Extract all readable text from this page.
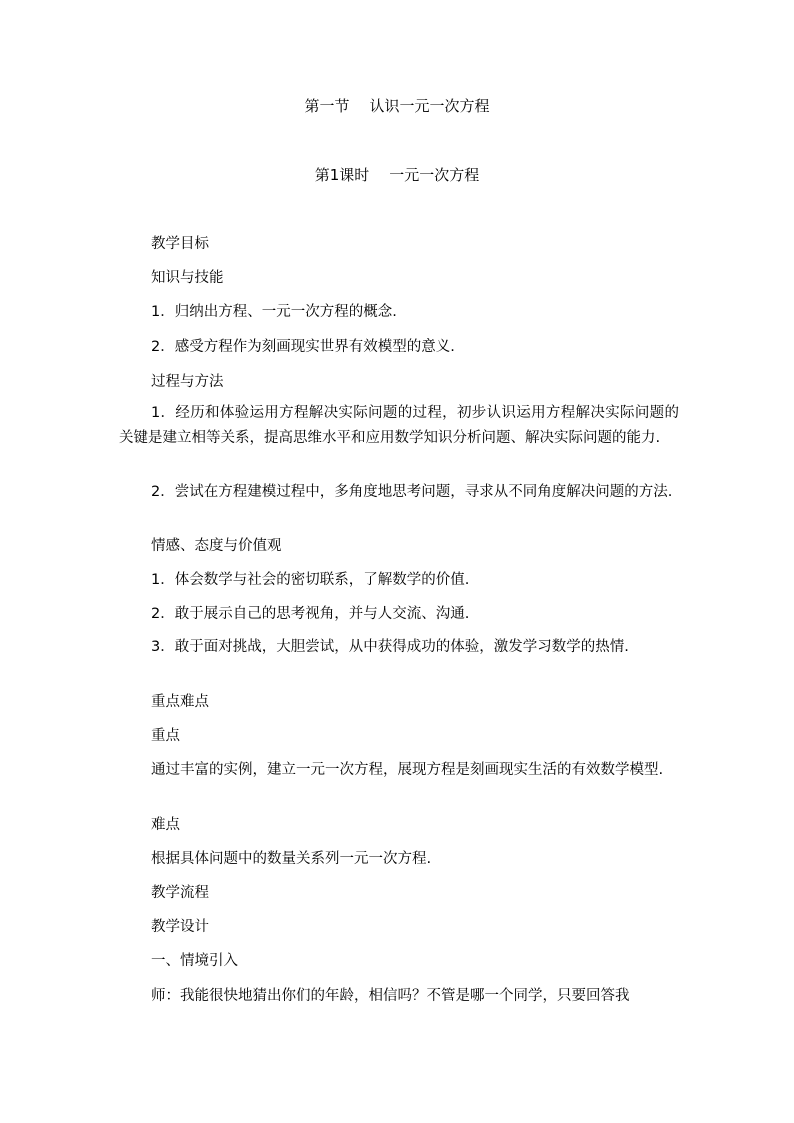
第一节 认识一元一次方程
第1课时 一元一次方程
教学目标
知识与技能
1．归纳出方程、一元一次方程的概念.
2．感受方程作为刻画现实世界有效模型的意义.
过程与方法
1．经历和体验运用方程解决实际问题的过程，初步认识运用方程解决实际问题的关键是建立相等关系，提高思维水平和应用数学知识分析问题、解决实际问题的能力.
2．尝试在方程建模过程中，多角度地思考问题，寻求从不同角度解决问题的方法.
情感、态度与价值观
1．体会数学与社会的密切联系，了解数学的价值.
2．敢于展示自己的思考视角，并与人交流、沟通.
3．敢于面对挑战，大胆尝试，从中获得成功的体验，激发学习数学的热情.
重点难点
重点
通过丰富的实例，建立一元一次方程，展现方程是刻画现实生活的有效数学模型.
难点
根据具体问题中的数量关系列一元一次方程.
教学流程
教学设计
一、情境引入
师：我能很快地猜出你们的年龄，相信吗？不管是哪一个同学，只要回答我
